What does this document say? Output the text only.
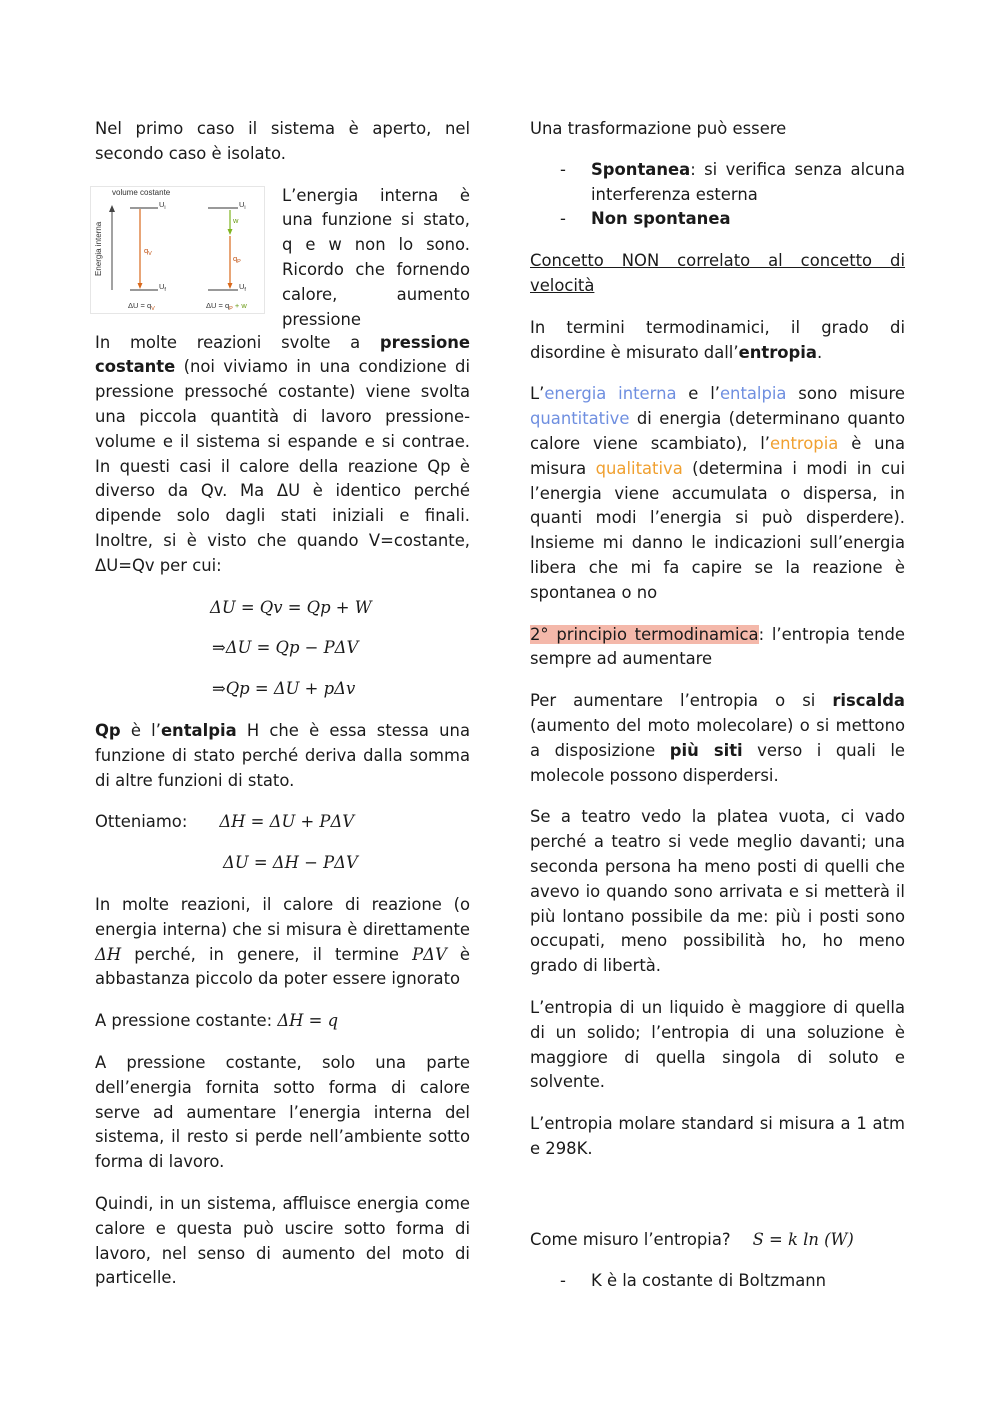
Nel primo caso il sistema è aperto, nel secondo caso è isolato.

volume costante
Energia interna
$U_i$
$U_f$
$q_V$
$\Delta U = q_V$
$U_i$
w
$q_P$
$U_f$
$\Delta U = q_P + w$

L’energia interna è una funzione si stato, q e w non lo sono. Ricordo che fornendo calore, aumento pressione

In molte reazioni svolte a pressione costante (noi viviamo in una condizione di pressione pressoché costante) viene svolta una piccola quantità di lavoro pressione-volume e il sistema si espande e si contrae. In questi casi il calore della reazione Qp è diverso da Qv. Ma ΔU è identico perché dipende solo dagli stati iniziali e finali. Inoltre, si è visto che quando V=costante, ΔU=Qv per cui:

ΔU = Qv = Qp + W
⇒ΔU = Qp − PΔV
⇒Qp = ΔU + pΔv

Qp è l’entalpia H che è essa stessa una funzione di stato perché deriva dalla somma di altre funzioni di stato.

Otteniamo: ΔH = ΔU + PΔV
ΔU = ΔH − PΔV

In molte reazioni, il calore di reazione (o energia interna) che si misura è direttamente ΔH perché, in genere, il termine PΔV è abbastanza piccolo da poter essere ignorato

A pressione costante: ΔH = q

A pressione costante, solo una parte dell’energia fornita sotto forma di calore serve ad aumentare l’energia interna del sistema, il resto si perde nell’ambiente sotto forma di lavoro.

Quindi, in un sistema, affluisce energia come calore e questa può uscire sotto forma di lavoro, nel senso di aumento del moto di particelle.

Una trasformazione può essere

- Spontanea: si verifica senza alcuna interferenza esterna
- Non spontanea

Concetto NON correlato al concetto di velocità

In termini termodinamici, il grado di disordine è misurato dall’entropia.

L’energia interna e l’entalpia sono misure quantitative di energia (determinano quanto calore viene scambiato), l’entropia è una misura qualitativa (determina i modi in cui l’energia viene accumulata o dispersa, in quanti modi l’energia si può disperdere). Insieme mi danno le indicazioni sull’energia libera che mi fa capire se la reazione è spontanea o no

2° principio termodinamica: l’entropia tende sempre ad aumentare

Per aumentare l’entropia o si riscalda (aumento del moto molecolare) o si mettono a disposizione più siti verso i quali le molecole possono disperdersi.

Se a teatro vedo la platea vuota, ci vado perché a teatro si vede meglio davanti; una seconda persona ha meno posti di quelli che avevo io quando sono arrivata e si metterà il più lontano possibile da me: più i posti sono occupati, meno possibilità ho, ho meno grado di libertà.

L’entropia di un liquido è maggiore di quella di un solido; l’entropia di una soluzione è maggiore di quella singola di soluto e solvente.

L’entropia molare standard si misura a 1 atm e 298K.

Come misuro l’entropia? S = k ln (W)
- K è la costante di Boltzmann
